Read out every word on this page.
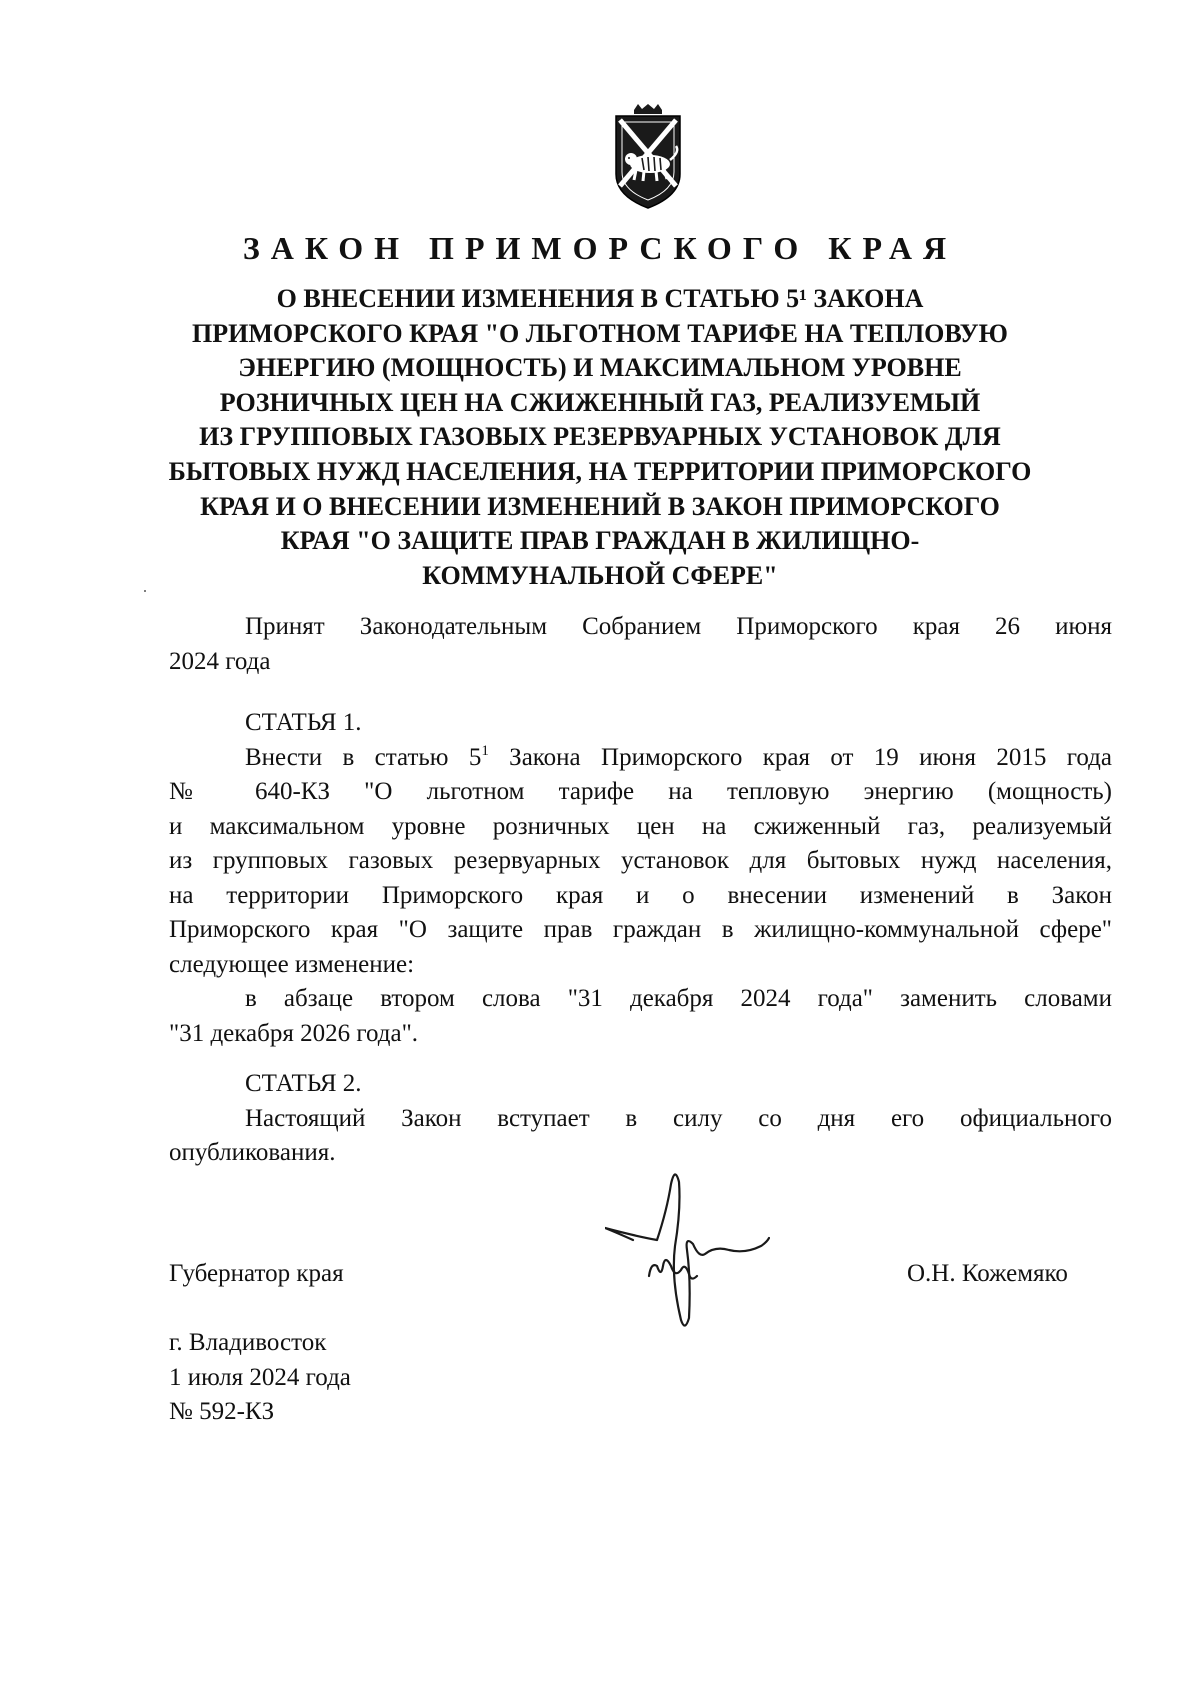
ЗАКОН ПРИМОРСКОГО КРАЯ
О ВНЕСЕНИИ ИЗМЕНЕНИЯ В СТАТЬЮ 5¹ ЗАКОНА
ПРИМОРСКОГО КРАЯ "О ЛЬГОТНОМ ТАРИФЕ НА ТЕПЛОВУЮ
ЭНЕРГИЮ (МОЩНОСТЬ) И МАКСИМАЛЬНОМ УРОВНЕ
РОЗНИЧНЫХ ЦЕН НА СЖИЖЕННЫЙ ГАЗ, РЕАЛИЗУЕМЫЙ
ИЗ ГРУППОВЫХ ГАЗОВЫХ РЕЗЕРВУАРНЫХ УСТАНОВОК ДЛЯ
БЫТОВЫХ НУЖД НАСЕЛЕНИЯ, НА ТЕРРИТОРИИ ПРИМОРСКОГО
КРАЯ И О ВНЕСЕНИИ ИЗМЕНЕНИЙ В ЗАКОН ПРИМОРСКОГО
КРАЯ "О ЗАЩИТЕ ПРАВ ГРАЖДАН В ЖИЛИЩНО-
КОММУНАЛЬНОЙ СФЕРЕ"
Принят Законодательным Собранием Приморского края 26 июня
2024 года
СТАТЬЯ 1.
Внести в статью $5^1$ Закона Приморского края от 19 июня 2015 года
№ 640-КЗ "О льготном тарифе на тепловую энергию (мощность)
и максимальном уровне розничных цен на сжиженный газ, реализуемый
из групповых газовых резервуарных установок для бытовых нужд населения,
на территории Приморского края и о внесении изменений в Закон
Приморского края "О защите прав граждан в жилищно-коммунальной сфере"
следующее изменение:
в абзаце втором слова "31 декабря 2024 года" заменить словами
"31 декабря 2026 года".
СТАТЬЯ 2.
Настоящий Закон вступает в силу со дня его официального
опубликования.
Губернатор края	О.Н. Кожемяко
г. Владивосток
1 июля 2024 года
№ 592-КЗ
